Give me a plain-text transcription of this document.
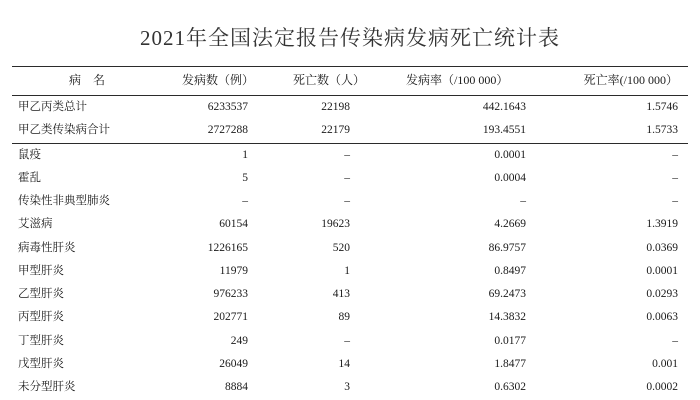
2021年全国法定报告传染病发病死亡统计表
病　名	发病数（例）	死亡数（人）	发病率（/100 000）	死亡率(/100 000）
甲乙丙类总计	6233537	22198	442.1643	1.5746
甲乙类传染病合计	2727288	22179	193.4551	1.5733
鼠疫	1	–	0.0001	–
霍乱	5	–	0.0004	–
传染性非典型肺炎	–	–	–	–
艾滋病	60154	19623	4.2669	1.3919
病毒性肝炎	1226165	520	86.9757	0.0369
甲型肝炎	11979	1	0.8497	0.0001
乙型肝炎	976233	413	69.2473	0.0293
丙型肝炎	202771	89	14.3832	0.0063
丁型肝炎	249	–	0.0177	–
戊型肝炎	26049	14	1.8477	0.001
未分型肝炎	8884	3	0.6302	0.0002
